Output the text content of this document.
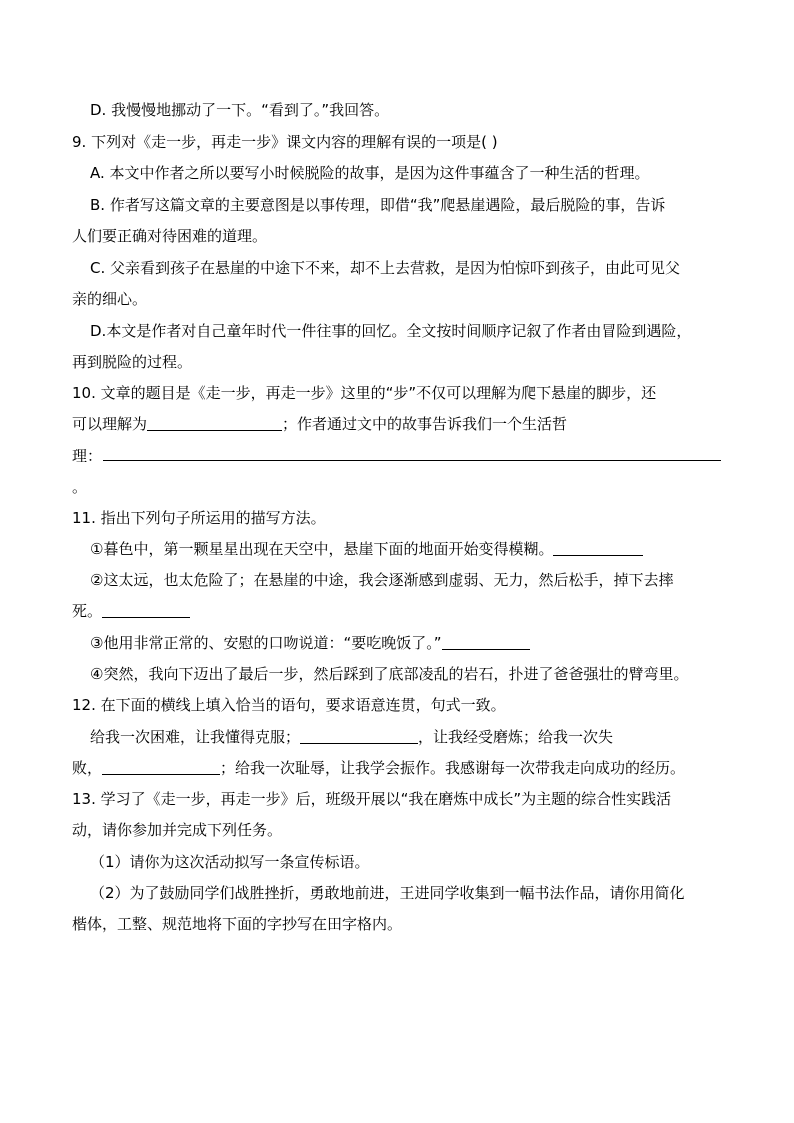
D. 我慢慢地挪动了一下。“看到了。”我回答。
9. 下列对《走一步，再走一步》课文内容的理解有误的一项是( )
A. 本文中作者之所以要写小时候脱险的故事，是因为这件事蕴含了一种生活的哲理。
B. 作者写这篇文章的主要意图是以事传理，即借“我”爬悬崖遇险，最后脱险的事，告诉
人们要正确对待困难的道理。
C. 父亲看到孩子在悬崖的中途下不来，却不上去营救，是因为怕惊吓到孩子，由此可见父
亲的细心。
D.本文是作者对自己童年时代一件往事的回忆。全文按时间顺序记叙了作者由冒险到遇险，
再到脱险的过程。
10. 文章的题目是《走一步，再走一步》这里的“步”不仅可以理解为爬下悬崖的脚步，还
可以理解为	；作者通过文中的故事告诉我们一个生活哲
理：
。
11. 指出下列句子所运用的描写方法。
①暮色中，第一颗星星出现在天空中，悬崖下面的地面开始变得模糊。
②这太远，也太危险了；在悬崖的中途，我会逐渐感到虚弱、无力，然后松手，掉下去摔
死。
③他用非常正常的、安慰的口吻说道：“要吃晚饭了。”
④突然，我向下迈出了最后一步，然后踩到了底部凌乱的岩石，扑进了爸爸强壮的臂弯里。
12. 在下面的横线上填入恰当的语句，要求语意连贯，句式一致。
给我一次困难，让我懂得克服；	，让我经受磨炼；给我一次失
败，	；给我一次耻辱，让我学会振作。我感谢每一次带我走向成功的经历。
13. 学习了《走一步，再走一步》后，班级开展以“我在磨炼中成长”为主题的综合性实践活
动，请你参加并完成下列任务。
（1）请你为这次活动拟写一条宣传标语。
（2）为了鼓励同学们战胜挫折，勇敢地前进，王进同学收集到一幅书法作品，请你用简化
楷体，工整、规范地将下面的字抄写在田字格内。
